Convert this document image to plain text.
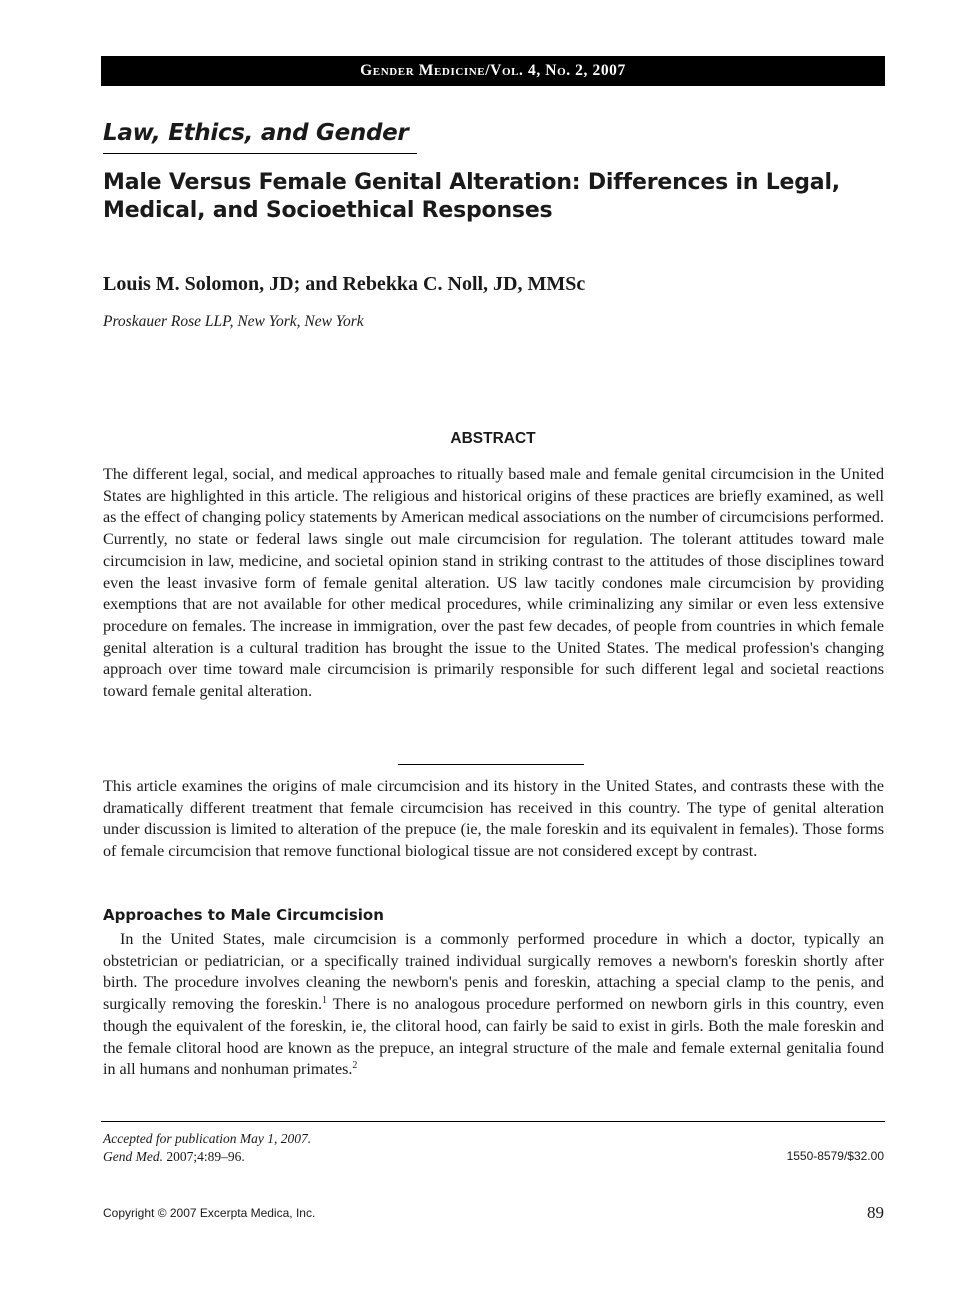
Gender Medicine/Vol. 4, No. 2, 2007
Law, Ethics, and Gender
Male Versus Female Genital Alteration: Differences in Legal, Medical, and Socioethical Responses
Louis M. Solomon, JD; and Rebekka C. Noll, JD, MMSc
Proskauer Rose LLP, New York, New York
ABSTRACT

The different legal, social, and medical approaches to ritually based male and female genital circumcision in the United States are highlighted in this article. The religious and historical origins of these practices are briefly examined, as well as the effect of changing policy statements by American medical associations on the number of circumcisions performed. Currently, no state or federal laws single out male circumcision for regulation. The tolerant attitudes toward male circumcision in law, medicine, and societal opinion stand in striking contrast to the attitudes of those disciplines toward even the least invasive form of female genital alteration. US law tacitly condones male circumcision by providing exemptions that are not available for other medical procedures, while criminalizing any similar or even less extensive procedure on females. The increase in immigration, over the past few decades, of people from countries in which female genital alteration is a cultural tradition has brought the issue to the United States. The medical profession's changing approach over time toward male circumcision is primarily responsible for such different legal and societal reactions toward female genital alteration.

This article examines the origins of male circumcision and its history in the United States, and contrasts these with the dramatically different treatment that female circumcision has received in this country. The type of genital alteration under discussion is limited to alteration of the prepuce (ie, the male foreskin and its equivalent in females). Those forms of female circumcision that remove functional biological tissue are not considered except by contrast.

Approaches to Male Circumcision

In the United States, male circumcision is a commonly performed procedure in which a doctor, typically an obstetrician or pediatrician, or a specifically trained individual surgically removes a newborn's foreskin shortly after birth. The procedure involves cleaning the newborn's penis and foreskin, attaching a special clamp to the penis, and surgically removing the foreskin.$^1$ There is no analogous procedure performed on newborn girls in this country, even though the equivalent of the foreskin, ie, the clitoral hood, can fairly be said to exist in girls. Both the male foreskin and the female clitoral hood are known as the prepuce, an integral structure of the male and female external genitalia found in all humans and nonhuman primates.$^2$

Accepted for publication May 1, 2007.
Gend Med. 2007;4:89–96.	1550-8579/$32.00
Copyright © 2007 Excerpta Medica, Inc.	89
